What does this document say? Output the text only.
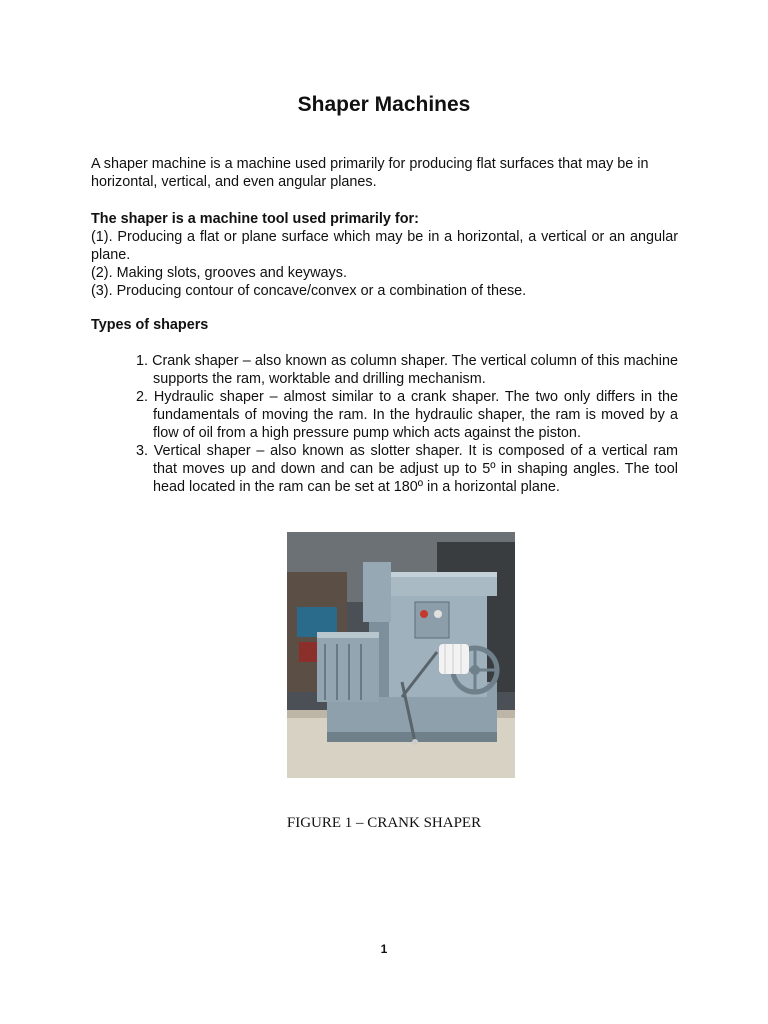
Shaper Machines
A shaper machine is a machine used primarily for producing flat surfaces that may be in horizontal, vertical, and even angular planes.
The shaper is a machine tool used primarily for:
(1). Producing a flat or plane surface which may be in a horizontal, a vertical or an angular plane.
(2). Making slots, grooves and keyways.
(3). Producing contour of concave/convex or a combination of these.
Types of shapers
1. Crank shaper – also known as column shaper. The vertical column of this machine supports the ram, worktable and drilling mechanism.
2. Hydraulic shaper – almost similar to a crank shaper. The two only differs in the fundamentals of moving the ram. In the hydraulic shaper, the ram is moved by a flow of oil from a high pressure pump which acts against the piston.
3. Vertical shaper – also known as slotter shaper. It is composed of a vertical ram that moves up and down and can be adjust up to 5º in shaping angles. The tool head located in the ram can be set at 180º in a horizontal plane.
FIGURE 1 – CRANK SHAPER
1
